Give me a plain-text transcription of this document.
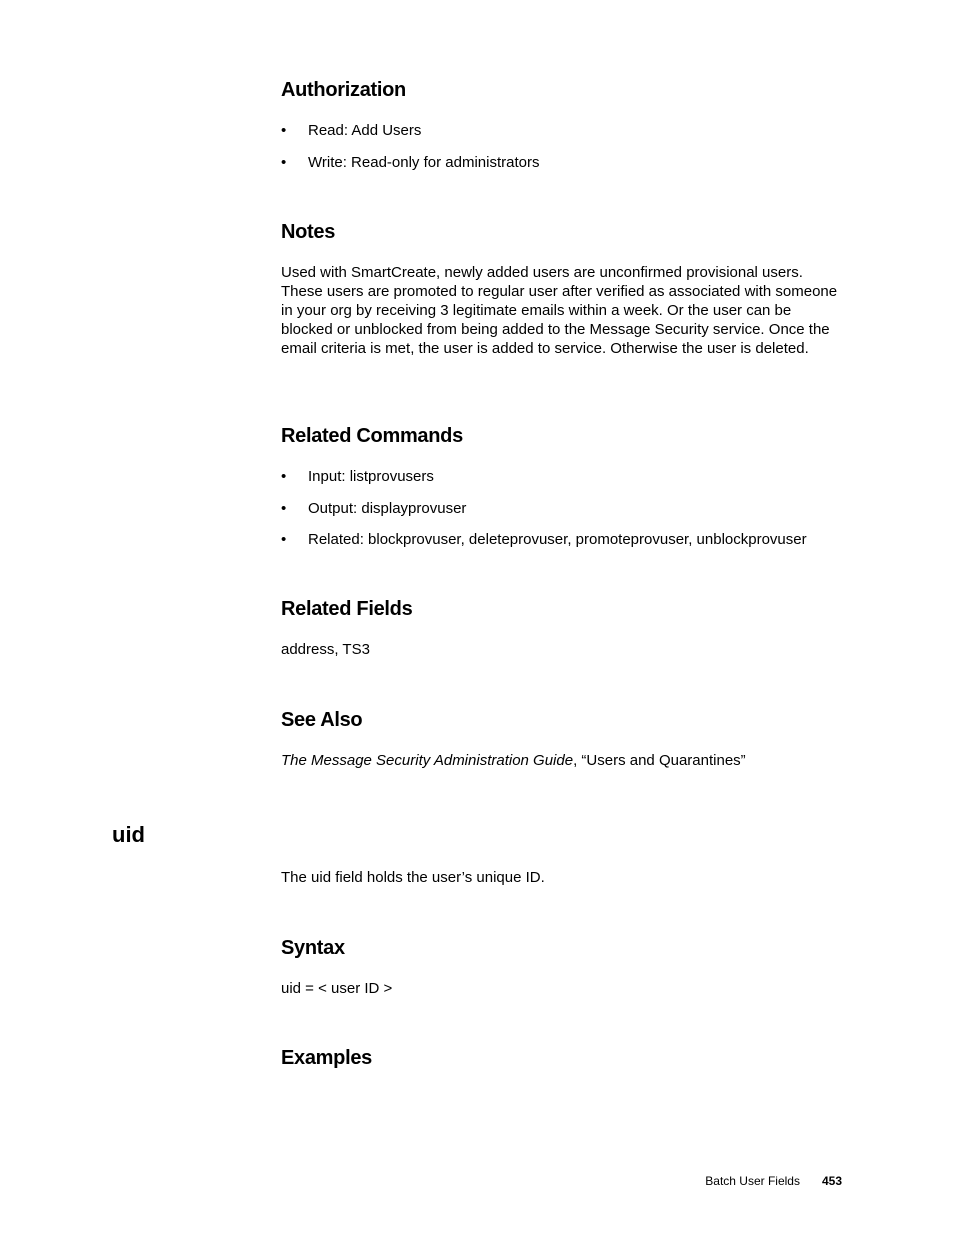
Authorization
• Read: Add Users
• Write: Read-only for administrators
Notes

Used with SmartCreate, newly added users are unconfirmed provisional users. These users are promoted to regular user after verified as associated with someone in your org by receiving 3 legitimate emails within a week. Or the user can be blocked or unblocked from being added to the Message Security service. Once the email criteria is met, the user is added to service. Otherwise the user is deleted.

Related Commands
• Input: listprovusers
• Output: displayprovuser
• Related: blockprovuser, deleteprovuser, promoteprovuser, unblockprovuser
Related Fields

address, TS3

See Also

The Message Security Administration Guide, “Users and Quarantines”

uid

The uid field holds the user’s unique ID.

Syntax

uid = < user ID >

Examples
Batch User Fields 453
